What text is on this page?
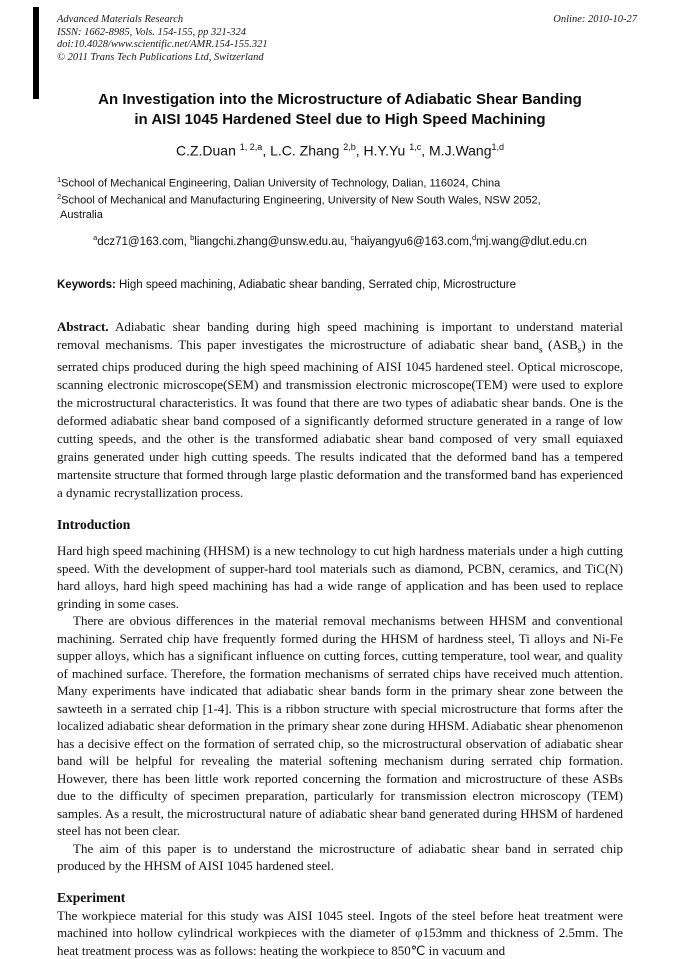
Advanced Materials Research
ISSN: 1662-8985, Vols. 154-155, pp 321-324
doi:10.4028/www.scientific.net/AMR.154-155.321
© 2011 Trans Tech Publications Ltd, Switzerland
Online: 2010-10-27
An Investigation into the Microstructure of Adiabatic Shear Banding
in AISI 1045 Hardened Steel due to High Speed Machining
C.Z.Duan $^{1, 2,a}$, L.C. Zhang $^{2,b}$, H.Y.Yu $^{1,c}$, M.J.Wang$^{1,d}$

$^1$School of Mechanical Engineering, Dalian University of Technology, Dalian, 116024, China

$^2$School of Mechanical and Manufacturing Engineering, University of New South Wales, NSW 2052,
Australia

$^a$dcz71@163.com, $^b$liangchi.zhang@unsw.edu.au, $^c$haiyangyu6@163.com,$^d$mj.wang@dlut.edu.cn
Keywords: High speed machining, Adiabatic shear banding, Serrated chip, Microstructure
Abstract. Adiabatic shear banding during high speed machining is important to understand material removal mechanisms. This paper investigates the microstructure of adiabatic shear band$_s$ $(ASB_s)$ in the serrated chips produced during the high speed machining of AISI 1045 hardened steel. Optical microscope, scanning electronic microscope(SEM) and transmission electronic microscope(TEM) were used to explore the microstructural characteristics. It was found that there are two types of adiabatic shear bands. One is the deformed adiabatic shear band composed of a significantly deformed structure generated in a range of low cutting speeds, and the other is the transformed adiabatic shear band composed of very small equiaxed grains generated under high cutting speeds. The results indicated that the deformed band has a tempered martensite structure that formed through large plastic deformation and the transformed band has experienced a dynamic recrystallization process.
Introduction

Hard high speed machining (HHSM) is a new technology to cut high hardness materials under a high cutting speed. With the development of supper-hard tool materials such as diamond, PCBN, ceramics, and TiC(N) hard alloys, hard high speed machining has had a wide range of application and has been used to replace grinding in some cases.

There are obvious differences in the material removal mechanisms between HHSM and conventional machining. Serrated chip have frequently formed during the HHSM of hardness steel, Ti alloys and Ni-Fe supper alloys, which has a significant influence on cutting forces, cutting temperature, tool wear, and quality of machined surface. Therefore, the formation mechanisms of serrated chips have received much attention. Many experiments have indicated that adiabatic shear bands form in the primary shear zone between the sawteeth in a serrated chip [1-4]. This is a ribbon structure with special microstructure that forms after the localized adiabatic shear deformation in the primary shear zone during HHSM. Adiabatic shear phenomenon has a decisive effect on the formation of serrated chip, so the microstructural observation of adiabatic shear band will be helpful for revealing the material softening mechanism during serrated chip formation. However, there has been little work reported concerning the formation and microstructure of these ASBs due to the difficulty of specimen preparation, particularly for transmission electron microscopy (TEM) samples. As a result, the microstructural nature of adiabatic shear band generated during HHSM of hardened steel has not been clear.

The aim of this paper is to understand the microstructure of adiabatic shear band in serrated chip produced by the HHSM of AISI 1045 hardened steel.

Experiment

The workpiece material for this study was AISI 1045 steel. Ingots of the steel before heat treatment were machined into hollow cylindrical workpieces with the diameter of φ153mm and thickness of 2.5mm. The heat treatment process was as follows: heating the workpiece to 850℃ in vacuum and
